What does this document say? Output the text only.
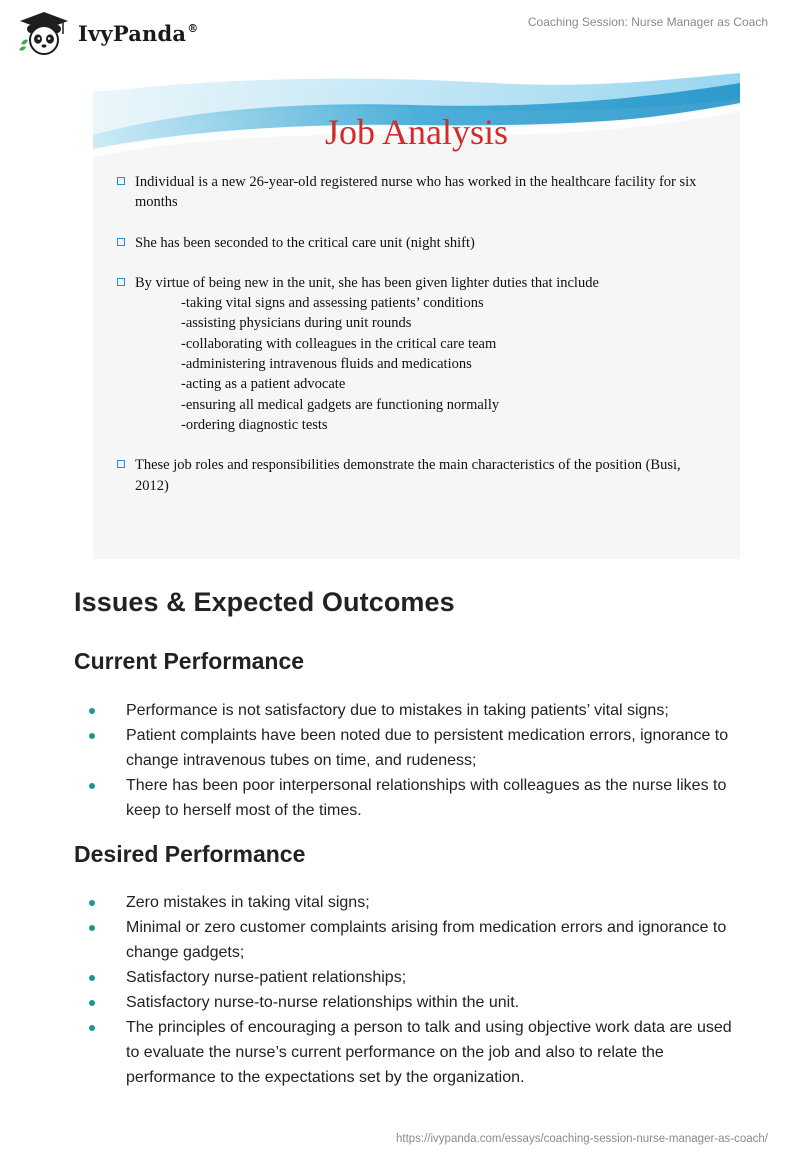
IvyPanda®	Coaching Session: Nurse Manager as Coach
Job Analysis
Individual is a new 26-year-old registered nurse who has worked in the healthcare facility for six months
She has been seconded to the critical care unit (night shift)
By virtue of being new in the unit, she has been given lighter duties that include
-taking vital signs and assessing patients’ conditions
-assisting physicians during unit rounds
-collaborating with colleagues in the critical care team
-administering intravenous fluids and medications
-acting as a patient advocate
-ensuring all medical gadgets are functioning normally
-ordering diagnostic tests
These job roles and responsibilities demonstrate the main characteristics of the position (Busi, 2012)
Issues & Expected Outcomes
Current Performance
Performance is not satisfactory due to mistakes in taking patients’ vital signs;
Patient complaints have been noted due to persistent medication errors, ignorance to change intravenous tubes on time, and rudeness;
There has been poor interpersonal relationships with colleagues as the nurse likes to keep to herself most of the times.
Desired Performance
Zero mistakes in taking vital signs;
Minimal or zero customer complaints arising from medication errors and ignorance to change gadgets;
Satisfactory nurse-patient relationships;
Satisfactory nurse-to-nurse relationships within the unit.
The principles of encouraging a person to talk and using objective work data are used to evaluate the nurse’s current performance on the job and also to relate the performance to the expectations set by the organization.
https://ivypanda.com/essays/coaching-session-nurse-manager-as-coach/
